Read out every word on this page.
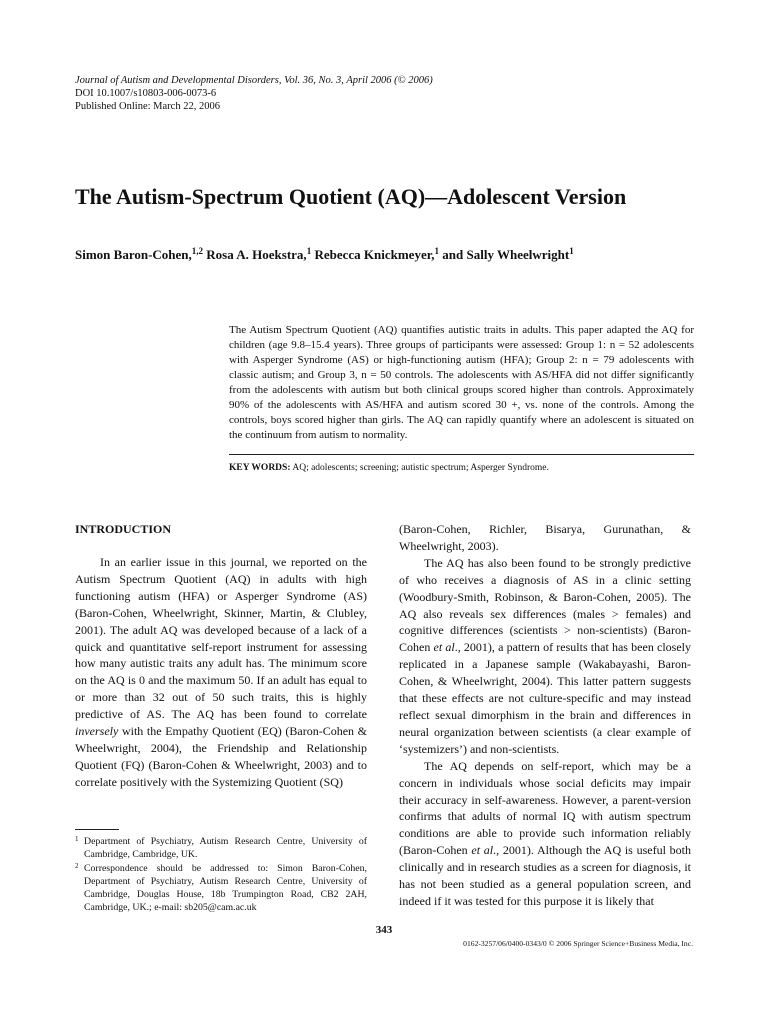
Journal of Autism and Developmental Disorders, Vol. 36, No. 3, April 2006 (© 2006)
DOI 10.1007/s10803-006-0073-6
Published Online: March 22, 2006
The Autism-Spectrum Quotient (AQ)—Adolescent Version
Simon Baron-Cohen,$^{1,2}$ Rosa A. Hoekstra,$^1$ Rebecca Knickmeyer,$^1$ and Sally Wheelwright$^1$
The Autism Spectrum Quotient (AQ) quantifies autistic traits in adults. This paper adapted the AQ for children (age 9.8–15.4 years). Three groups of participants were assessed: Group 1: n = 52 adolescents with Asperger Syndrome (AS) or high-functioning autism (HFA); Group 2: n = 79 adolescents with classic autism; and Group 3, n = 50 controls. The adolescents with AS/HFA did not differ significantly from the adolescents with autism but both clinical groups scored higher than controls. Approximately 90% of the adolescents with AS/HFA and autism scored 30 +, vs. none of the controls. Among the controls, boys scored higher than girls. The AQ can rapidly quantify where an adolescent is situated on the continuum from autism to normality.
KEY WORDS: AQ; adolescents; screening; autistic spectrum; Asperger Syndrome.
INTRODUCTION

In an earlier issue in this journal, we reported on the Autism Spectrum Quotient (AQ) in adults with high functioning autism (HFA) or Asperger Syndrome (AS) (Baron-Cohen, Wheelwright, Skinner, Martin, & Clubley, 2001). The adult AQ was developed because of a lack of a quick and quantitative self-report instrument for assessing how many autistic traits any adult has. The minimum score on the AQ is 0 and the maximum 50. If an adult has equal to or more than 32 out of 50 such traits, this is highly predictive of AS. The AQ has been found to correlate inversely with the Empathy Quotient (EQ) (Baron-Cohen & Wheelwright, 2004), the Friendship and Relationship Quotient (FQ) (Baron-Cohen & Wheelwright, 2003) and to correlate positively with the Systemizing Quotient (SQ)

(Baron-Cohen, Richler, Bisarya, Gurunathan, & Wheelwright, 2003).

The AQ has also been found to be strongly predictive of who receives a diagnosis of AS in a clinic setting (Woodbury-Smith, Robinson, & Baron-Cohen, 2005). The AQ also reveals sex differences (males > females) and cognitive differences (scientists > non-scientists) (Baron-Cohen et al., 2001), a pattern of results that has been closely replicated in a Japanese sample (Wakabayashi, Baron-Cohen, & Wheelwright, 2004). This latter pattern suggests that these effects are not culture-specific and may instead reflect sexual dimorphism in the brain and differences in neural organization between scientists (a clear example of ‘systemizers’) and non-scientists.

The AQ depends on self-report, which may be a concern in individuals whose social deficits may impair their accuracy in self-awareness. However, a parent-version confirms that adults of normal IQ with autism spectrum conditions are able to provide such information reliably (Baron-Cohen et al., 2001). Although the AQ is useful both clinically and in research studies as a screen for diagnosis, it has not been studied as a general population screen, and indeed if it was tested for this purpose it is likely that

1 Department of Psychiatry, Autism Research Centre, University of Cambridge, Cambridge, UK.
2 Correspondence should be addressed to: Simon Baron-Cohen, Department of Psychiatry, Autism Research Centre, University of Cambridge, Douglas House, 18b Trumpington Road, CB2 2AH, Cambridge, UK.; e-mail: sb205@cam.ac.uk
343
0162-3257/06/0400-0343/0 © 2006 Springer Science+Business Media, Inc.
